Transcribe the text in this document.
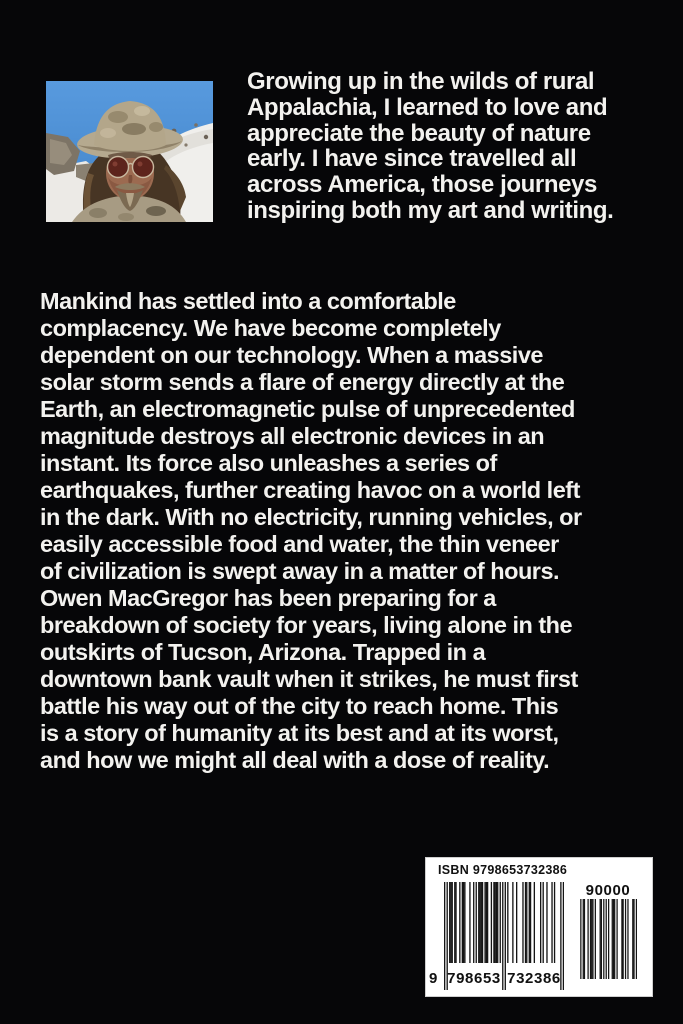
Growing up in the wilds of rural
Appalachia, I learned to love and
appreciate the beauty of nature
early. I have since travelled all
across America, those journeys
inspiring both my art and writing.
Mankind has settled into a comfortable
complacency. We have become completely
dependent on our technology. When a massive
solar storm sends a flare of energy directly at the
Earth, an electromagnetic pulse of unprecedented
magnitude destroys all electronic devices in an
instant. Its force also unleashes a series of
earthquakes, further creating havoc on a world left
in the dark. With no electricity, running vehicles, or
easily accessible food and water, the thin veneer
of civilization is swept away in a matter of hours.
Owen MacGregor has been preparing for a
breakdown of society for years, living alone in the
outskirts of Tucson, Arizona. Trapped in a
downtown bank vault when it strikes, he must first
battle his way out of the city to reach home. This
is a story of humanity at its best and at its worst,
and how we might all deal with a dose of reality.
ISBN 9798653732386
9 798653 732386
90000
